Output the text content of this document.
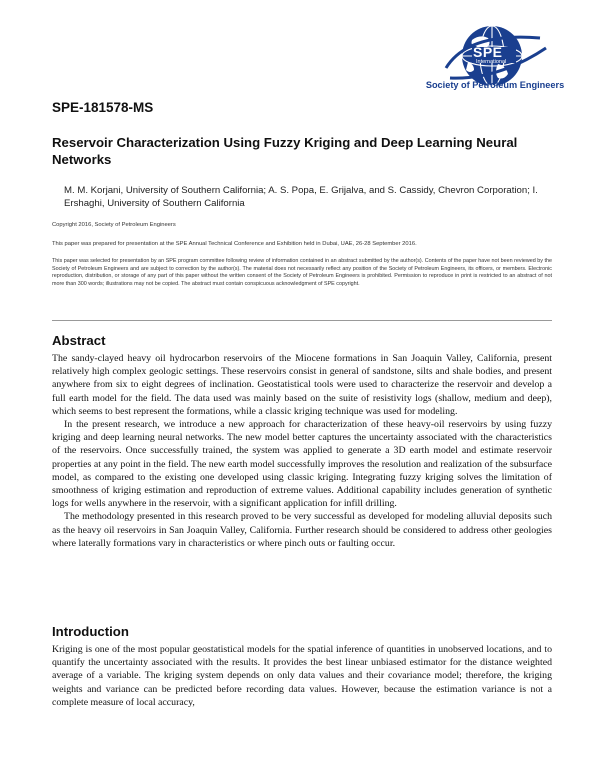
SPE
International
Society of Petroleum Engineers
SPE-181578-MS
Reservoir Characterization Using Fuzzy Kriging and Deep Learning Neural Networks
M. M. Korjani, University of Southern California; A. S. Popa, E. Grijalva, and S. Cassidy, Chevron Corporation; I. Ershaghi, University of Southern California
Copyright 2016, Society of Petroleum Engineers
This paper was prepared for presentation at the SPE Annual Technical Conference and Exhibition held in Dubai, UAE, 26-28 September 2016.
This paper was selected for presentation by an SPE program committee following review of information contained in an abstract submitted by the author(s). Contents of the paper have not been reviewed by the Society of Petroleum Engineers and are subject to correction by the author(s). The material does not necessarily reflect any position of the Society of Petroleum Engineers, its officers, or members. Electronic reproduction, distribution, or storage of any part of this paper without the written consent of the Society of Petroleum Engineers is prohibited. Permission to reproduce in print is restricted to an abstract of not more than 300 words; illustrations may not be copied. The abstract must contain conspicuous acknowledgment of SPE copyright.
Abstract

The sandy-clayed heavy oil hydrocarbon reservoirs of the Miocene formations in San Joaquin Valley, California, present relatively high complex geologic settings. These reservoirs consist in general of sandstone, silts and shale bodies, and present anywhere from six to eight degrees of inclination. Geostatistical tools were used to characterize the reservoir and develop a full earth model for the field. The data used was mainly based on the suite of resistivity logs (shallow, medium and deep), which seems to best represent the formations, while a classic kriging technique was used for modeling.

In the present research, we introduce a new approach for characterization of these heavy-oil reservoirs by using fuzzy kriging and deep learning neural networks. The new model better captures the uncertainty associated with the characteristics of the reservoirs. Once successfully trained, the system was applied to generate a 3D earth model and estimate reservoir properties at any point in the field. The new earth model successfully improves the resolution and realization of the subsurface model, as compared to the existing one developed using classic kriging. Integrating fuzzy kriging solves the limitation of smoothness of kriging estimation and reproduction of extreme values. Additional capability includes generation of synthetic logs for wells anywhere in the reservoir, with a significant application for infill drilling.

The methodology presented in this research proved to be very successful as developed for modeling alluvial deposits such as the heavy oil reservoirs in San Joaquin Valley, California. Further research should be considered to address other geologies where laterally formations vary in characteristics or where pinch outs or faulting occur.

Introduction

Kriging is one of the most popular geostatistical models for the spatial inference of quantities in unobserved locations, and to quantify the uncertainty associated with the results. It provides the best linear unbiased estimator for the distance weighted average of a variable. The kriging system depends on only data values and their covariance model; therefore, the kriging weights and variance can be predicted before recording data values. However, because the estimation variance is not a complete measure of local accuracy,
